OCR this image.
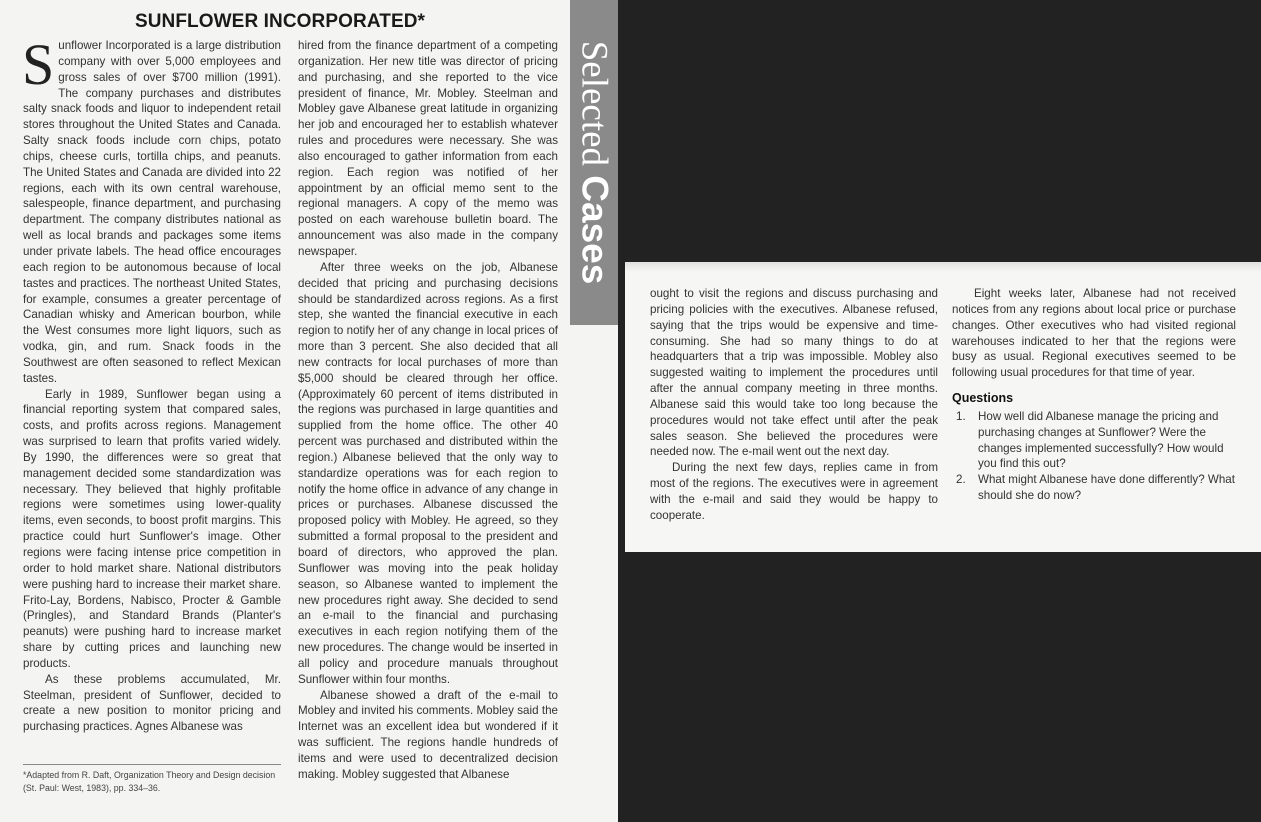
SUNFLOWER INCORPORATED*

Sunflower Incorporated is a large distribution company with over 5,000 employees and gross sales of over $700 million (1991). The company purchases and distributes salty snack foods and liquor to independent retail stores throughout the United States and Canada. Salty snack foods include corn chips, potato chips, cheese curls, tortilla chips, and peanuts. The United States and Canada are divided into 22 regions, each with its own central warehouse, salespeople, finance department, and purchasing department. The company distributes national as well as local brands and packages some items under private labels. The head office encourages each region to be autonomous because of local tastes and practices. The northeast United States, for example, consumes a greater percentage of Canadian whisky and American bourbon, while the West consumes more light liquors, such as vodka, gin, and rum. Snack foods in the Southwest are often seasoned to reflect Mexican tastes.

Early in 1989, Sunflower began using a financial reporting system that compared sales, costs, and profits across regions. Management was surprised to learn that profits varied widely. By 1990, the differences were so great that management decided some standardization was necessary. They believed that highly profitable regions were sometimes using lower-quality items, even seconds, to boost profit margins. This practice could hurt Sunflower's image. Other regions were facing intense price competition in order to hold market share. National distributors were pushing hard to increase their market share. Frito-Lay, Bordens, Nabisco, Procter & Gamble (Pringles), and Standard Brands (Planter's peanuts) were pushing hard to increase market share by cutting prices and launching new products.

As these problems accumulated, Mr. Steelman, president of Sunflower, decided to create a new position to monitor pricing and purchasing practices. Agnes Albanese was

*Adapted from R. Daft, Organization Theory and Design decision (St. Paul: West, 1983), pp. 334–36.

hired from the finance department of a competing organization. Her new title was director of pricing and purchasing, and she reported to the vice president of finance, Mr. Mobley. Steelman and Mobley gave Albanese great latitude in organizing her job and encouraged her to establish whatever rules and procedures were necessary. She was also encouraged to gather information from each region. Each region was notified of her appointment by an official memo sent to the regional managers. A copy of the memo was posted on each warehouse bulletin board. The announcement was also made in the company newspaper.

After three weeks on the job, Albanese decided that pricing and purchasing decisions should be standardized across regions. As a first step, she wanted the financial executive in each region to notify her of any change in local prices of more than 3 percent. She also decided that all new contracts for local purchases of more than $5,000 should be cleared through her office. (Approximately 60 percent of items distributed in the regions was purchased in large quantities and supplied from the home office. The other 40 percent was purchased and distributed within the region.) Albanese believed that the only way to standardize operations was for each region to notify the home office in advance of any change in prices or purchases. Albanese discussed the proposed policy with Mobley. He agreed, so they submitted a formal proposal to the president and board of directors, who approved the plan. Sunflower was moving into the peak holiday season, so Albanese wanted to implement the new procedures right away. She decided to send an e-mail to the financial and purchasing executives in each region notifying them of the new procedures. The change would be inserted in all policy and procedure manuals throughout Sunflower within four months.

Albanese showed a draft of the e-mail to Mobley and invited his comments. Mobley said the Internet was an excellent idea but wondered if it was sufficient. The regions handle hundreds of items and were used to decentralized decision making. Mobley suggested that Albanese

Selected Cases

ought to visit the regions and discuss purchasing and pricing policies with the executives. Albanese refused, saying that the trips would be expensive and time-consuming. She had so many things to do at headquarters that a trip was impossible. Mobley also suggested waiting to implement the procedures until after the annual company meeting in three months. Albanese said this would take too long because the procedures would not take effect until after the peak sales season. She believed the procedures were needed now. The e-mail went out the next day.

During the next few days, replies came in from most of the regions. The executives were in agreement with the e-mail and said they would be happy to cooperate.

Eight weeks later, Albanese had not received notices from any regions about local price or purchase changes. Other executives who had visited regional warehouses indicated to her that the regions were busy as usual. Regional executives seemed to be following usual procedures for that time of year.

Questions

1. How well did Albanese manage the pricing and purchasing changes at Sunflower? Were the changes implemented successfully? How would you find this out?
2. What might Albanese have done differently? What should she do now?
